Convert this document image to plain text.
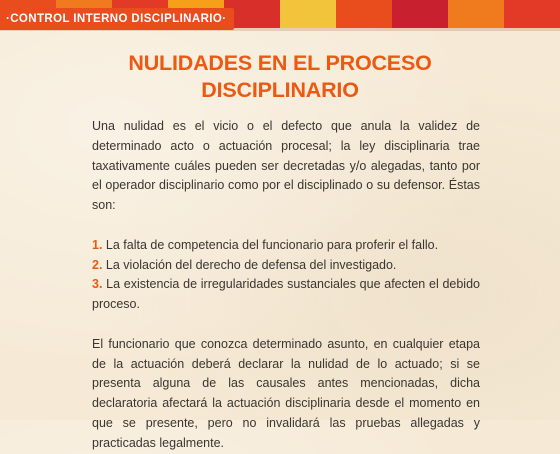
·CONTROL INTERNO DISCIPLINARIO·
NULIDADES EN EL PROCESO DISCIPLINARIO

Una nulidad es el vicio o el defecto que anula la validez de determinado acto o actuación procesal; la ley disciplinaria trae taxativamente cuáles pueden ser decretadas y/o alegadas, tanto por el operador disciplinario como por el disciplinado o su defensor. Éstas son:

1. La falta de competencia del funcionario para proferir el fallo.

2. La violación del derecho de defensa del investigado.

3. La existencia de irregularidades sustanciales que afecten el debido proceso.

El funcionario que conozca determinado asunto, en cualquier etapa de la actuación deberá declarar la nulidad de lo actuado; si se presenta alguna de las causales antes mencionadas, dicha declaratoria afectará la actuación disciplinaria desde el momento en que se presente, pero no invalidará las pruebas allegadas y practicadas legalmente.
